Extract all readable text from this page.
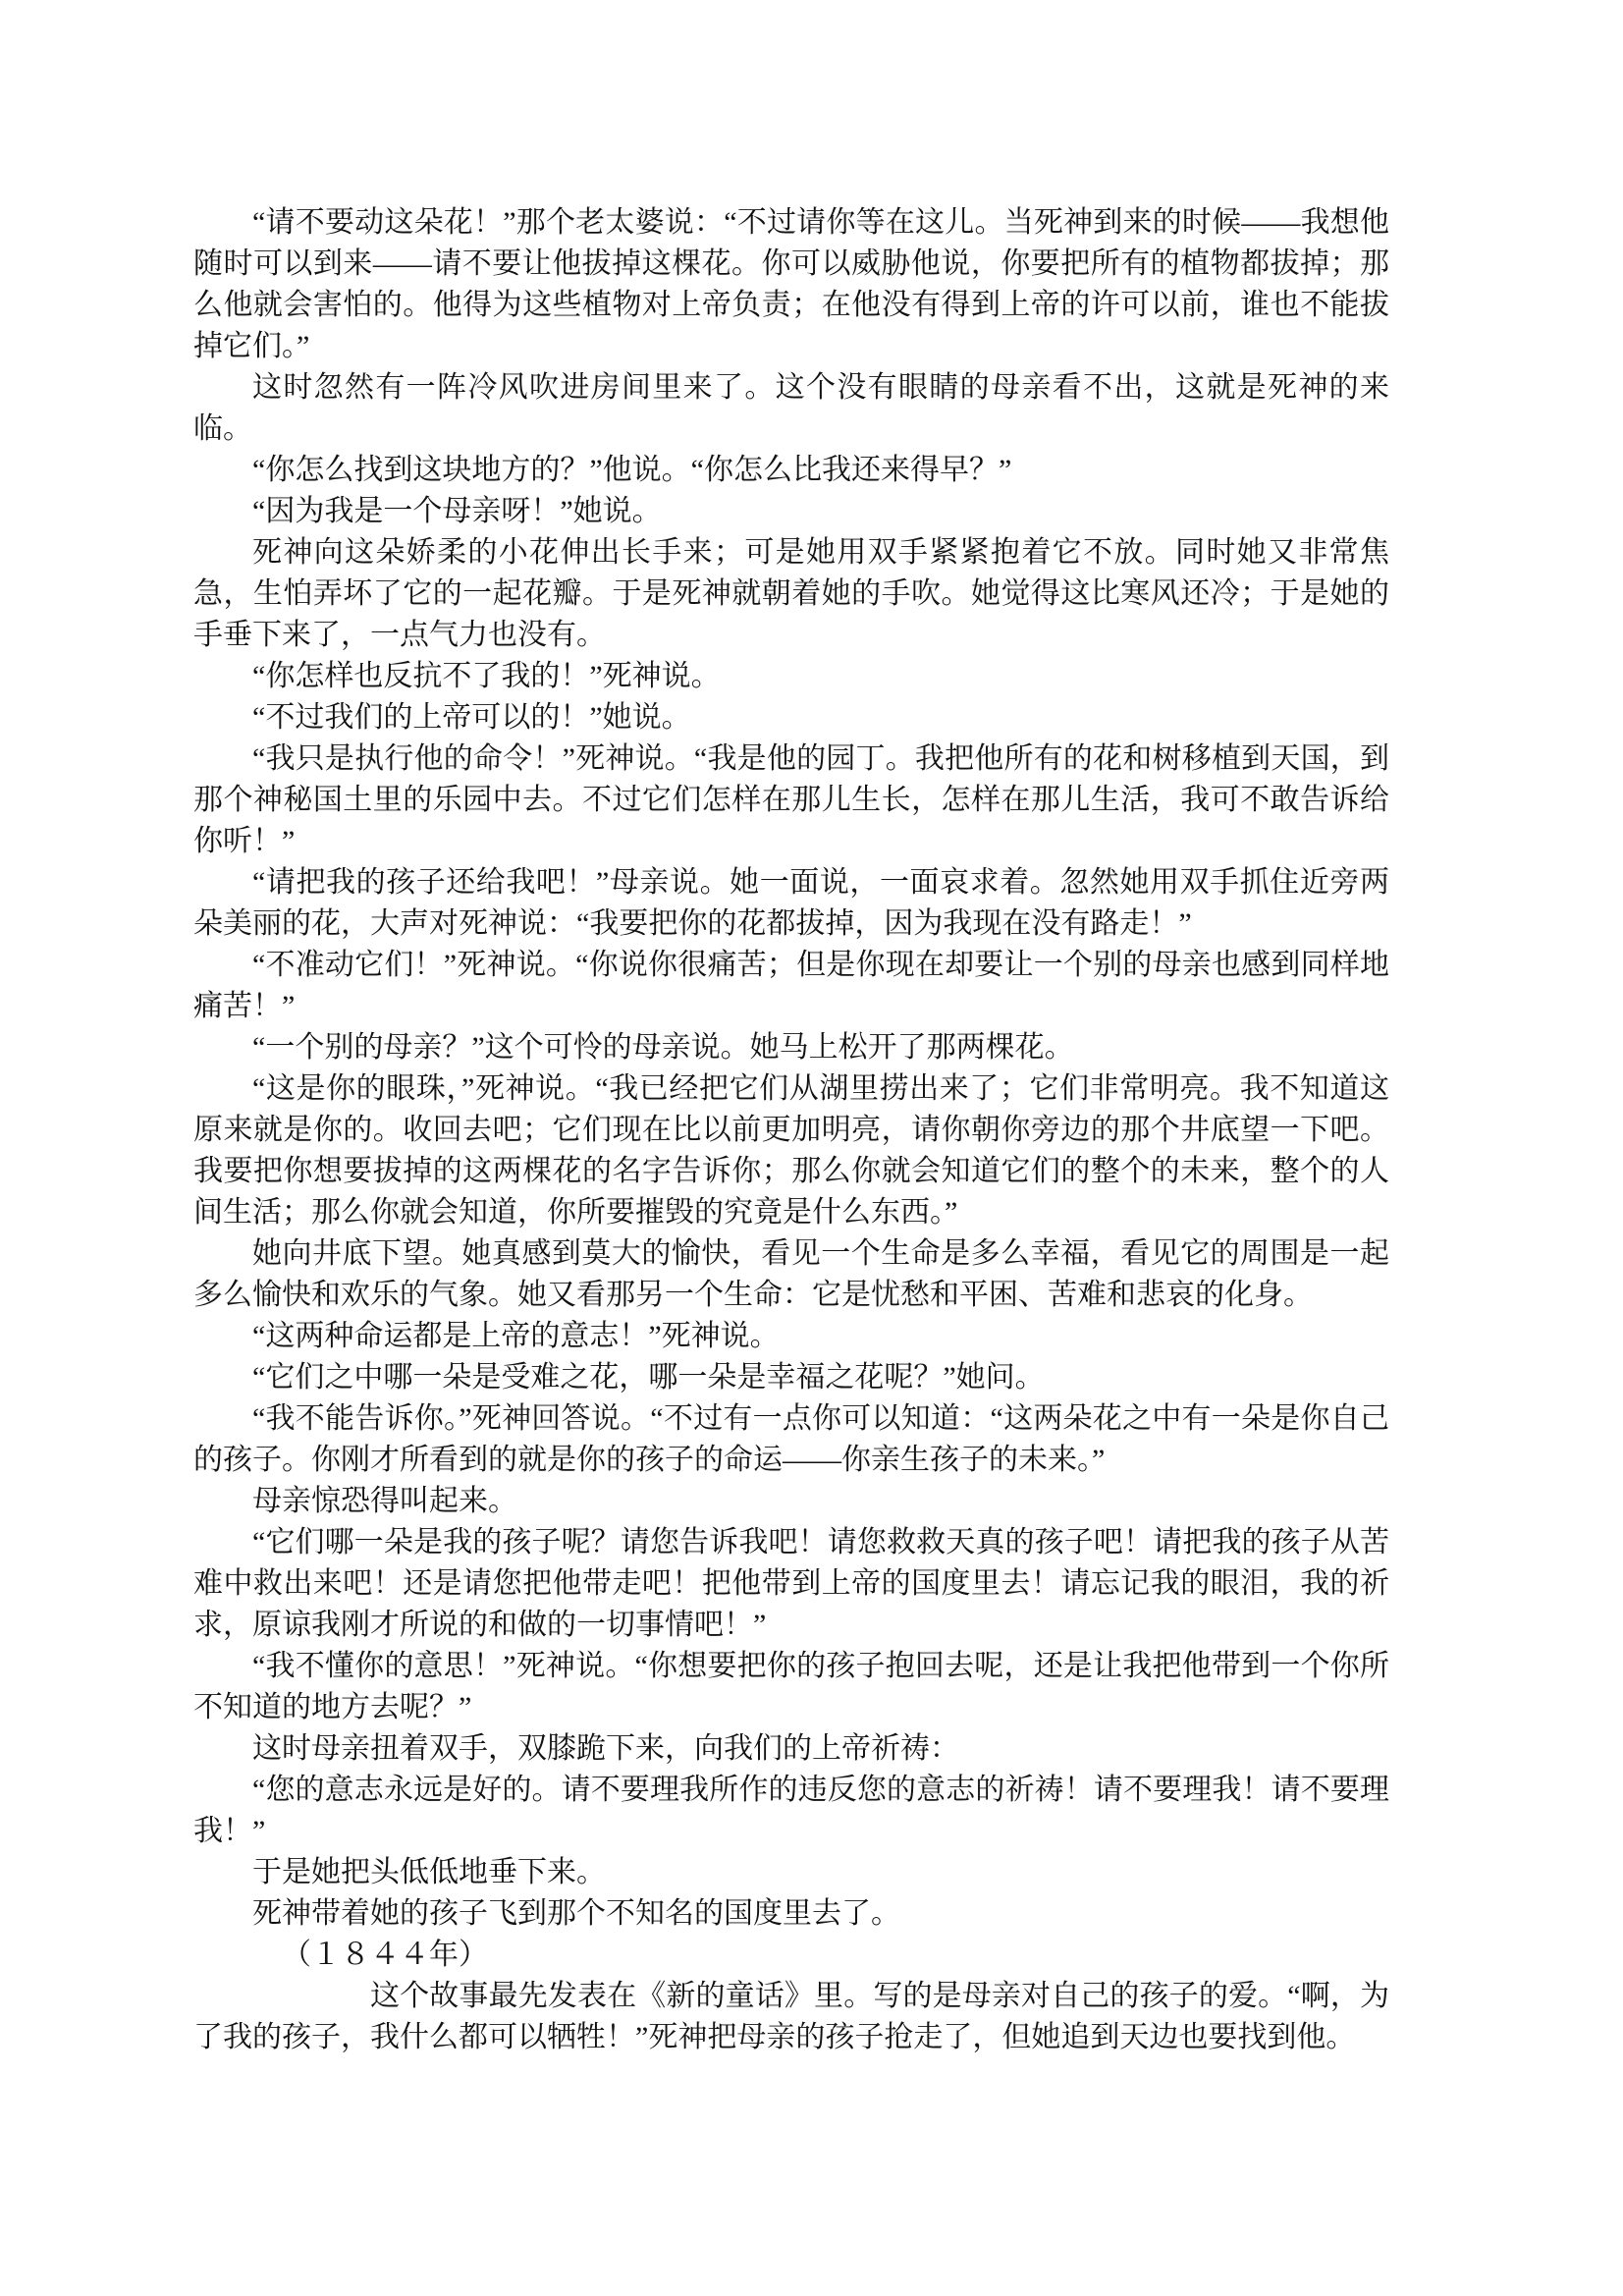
“请不要动这朵花！”那个老太婆说：“不过请你等在这儿。当死神到来的时候——我想他随时可以到来——请不要让他拔掉这棵花。你可以威胁他说，你要把所有的植物都拔掉；那么他就会害怕的。他得为这些植物对上帝负责；在他没有得到上帝的许可以前，谁也不能拔掉它们。”

这时忽然有一阵冷风吹进房间里来了。这个没有眼睛的母亲看不出，这就是死神的来临。

“你怎么找到这块地方的？”他说。“你怎么比我还来得早？”

“因为我是一个母亲呀！”她说。

死神向这朵娇柔的小花伸出长手来；可是她用双手紧紧抱着它不放。同时她又非常焦急，生怕弄坏了它的一起花瓣。于是死神就朝着她的手吹。她觉得这比寒风还冷；于是她的手垂下来了，一点气力也没有。

“你怎样也反抗不了我的！”死神说。

“不过我们的上帝可以的！”她说。

“我只是执行他的命令！”死神说。“我是他的园丁。我把他所有的花和树移植到天国，到那个神秘国土里的乐园中去。不过它们怎样在那儿生长，怎样在那儿生活，我可不敢告诉给你听！”

“请把我的孩子还给我吧！”母亲说。她一面说，一面哀求着。忽然她用双手抓住近旁两朵美丽的花，大声对死神说：“我要把你的花都拔掉，因为我现在没有路走！”

“不准动它们！”死神说。“你说你很痛苦；但是你现在却要让一个别的母亲也感到同样地痛苦！”

“一个别的母亲？”这个可怜的母亲说。她马上松开了那两棵花。

“这是你的眼珠，”死神说。“我已经把它们从湖里捞出来了；它们非常明亮。我不知道这原来就是你的。收回去吧；它们现在比以前更加明亮，请你朝你旁边的那个井底望一下吧。我要把你想要拔掉的这两棵花的名字告诉你；那么你就会知道它们的整个的未来，整个的人间生活；那么你就会知道，你所要摧毁的究竟是什么东西。”

她向井底下望。她真感到莫大的愉快，看见一个生命是多么幸福，看见它的周围是一起多么愉快和欢乐的气象。她又看那另一个生命：它是忧愁和平困、苦难和悲哀的化身。

“这两种命运都是上帝的意志！”死神说。

“它们之中哪一朵是受难之花，哪一朵是幸福之花呢？”她问。

“我不能告诉你。”死神回答说。“不过有一点你可以知道：“这两朵花之中有一朵是你自己的孩子。你刚才所看到的就是你的孩子的命运——你亲生孩子的未来。”

母亲惊恐得叫起来。

“它们哪一朵是我的孩子呢？请您告诉我吧！请您救救天真的孩子吧！请把我的孩子从苦难中救出来吧！还是请您把他带走吧！把他带到上帝的国度里去！请忘记我的眼泪，我的祈求，原谅我刚才所说的和做的一切事情吧！”

“我不懂你的意思！”死神说。“你想要把你的孩子抱回去呢，还是让我把他带到一个你所不知道的地方去呢？”

这时母亲扭着双手，双膝跪下来，向我们的上帝祈祷：

“您的意志永远是好的。请不要理我所作的违反您的意志的祈祷！请不要理我！请不要理我！”

于是她把头低低地垂下来。

死神带着她的孩子飞到那个不知名的国度里去了。

（１８４４年）

这个故事最先发表在《新的童话》里。写的是母亲对自己的孩子的爱。“啊，为了我的孩子，我什么都可以牺牲！”死神把母亲的孩子抢走了，但她追到天边也要找到他。
